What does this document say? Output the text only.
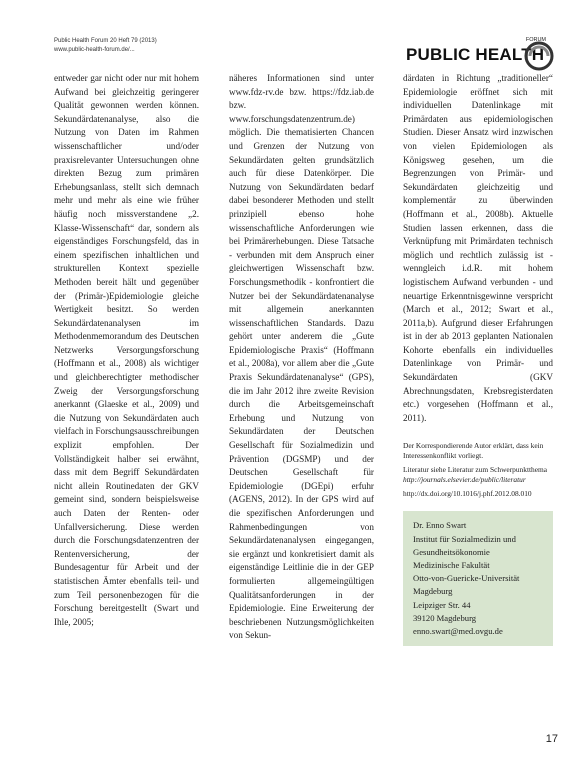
Public Health Forum 20 Heft 79 (2013)
www.public-health-forum.de/...
FORUM
PUBLIC HEALTH

entweder gar nicht oder nur mit hohem Aufwand bei gleichzeitig geringerer Qualität gewonnen werden können. Sekundärdatenanalyse, also die Nutzung von Daten im Rahmen wissenschaftlicher und/oder praxisrelevanter Untersuchungen ohne direkten Bezug zum primären Erhebungsanlass, stellt sich demnach mehr und mehr als eine wie früher häufig noch missverstandene „2. Klasse-Wissenschaft“ dar, sondern als eigenständiges Forschungsfeld, das in einem spezifischen inhaltlichen und strukturellen Kontext spezielle Methoden bereit hält und gegenüber der (Primär-)Epidemiologie gleiche Wertigkeit besitzt. So werden Sekundärdatenanalysen im Methodenmemorandum des Deutschen Netzwerks Versorgungsforschung (Hoffmann et al., 2008) als wichtiger und gleichberechtigter methodischer Zweig der Versorgungsforschung anerkannt (Glaeske et al., 2009) und die Nutzung von Sekundärdaten auch vielfach in Forschungsausschreibungen explizit empfohlen. Der Vollständigkeit halber sei erwähnt, dass mit dem Begriff Sekundärdaten nicht allein Routinedaten der GKV gemeint sind, sondern beispielsweise auch Daten der Renten- oder Unfallversicherung. Diese werden durch die Forschungsdatenzentren der Rentenversicherung, der Bundesagentur für Arbeit und der statistischen Ämter ebenfalls teil- und zum Teil personenbezogen für die Forschung bereitgestellt (Swart und Ihle, 2005;

näheres Informationen sind unter www.fdz-rv.de bzw. https://fdz.iab.de bzw. www.forschungsdatenzentrum.de) möglich. Die thematisierten Chancen und Grenzen der Nutzung von Sekundärdaten gelten grundsätzlich auch für diese Datenkörper. Die Nutzung von Sekundärdaten bedarf dabei besonderer Methoden und stellt prinzipiell ebenso hohe wissenschaftliche Anforderungen wie bei Primärerhebungen. Diese Tatsache - verbunden mit dem Anspruch einer gleichwertigen Wissenschaft bzw. Forschungsmethodik - konfrontiert die Nutzer bei der Sekundärdatenanalyse mit allgemein anerkannten wissenschaftlichen Standards. Dazu gehört unter anderem die „Gute Epidemiologische Praxis“ (Hoffmann et al., 2008a), vor allem aber die „Gute Praxis Sekundärdatenanalyse“ (GPS), die im Jahr 2012 ihre zweite Revision durch die Arbeitsgemeinschaft Erhebung und Nutzung von Sekundärdaten der Deutschen Gesellschaft für Sozialmedizin und Prävention (DGSMP) und der Deutschen Gesellschaft für Epidemiologie (DGEpi) erfuhr (AGENS, 2012). In der GPS wird auf die spezifischen Anforderungen und Rahmenbedingungen von Sekundärdatenanalysen eingegangen, sie ergänzt und konkretisiert damit als eigenständige Leitlinie die in der GEP formulierten allgemeingültigen Qualitätsanforderungen in der Epidemiologie. Eine Erweiterung der beschriebenen Nutzungsmöglichkeiten von Sekun-

därdaten in Richtung „traditioneller“ Epidemiologie eröffnet sich mit individuellen Datenlinkage mit Primärdaten aus epidemiologischen Studien. Dieser Ansatz wird inzwischen von vielen Epidemiologen als Königsweg gesehen, um die Begrenzungen von Primär- und Sekundärdaten gleichzeitig und komplementär zu überwinden (Hoffmann et al., 2008b). Aktuelle Studien lassen erkennen, dass die Verknüpfung mit Primärdaten technisch möglich und rechtlich zulässig ist - wenngleich i.d.R. mit hohem logistischem Aufwand verbunden - und neuartige Erkenntnisgewinne verspricht (March et al., 2012; Swart et al., 2011a,b). Aufgrund dieser Erfahrungen ist in der ab 2013 geplanten Nationalen Kohorte ebenfalls ein individuelles Datenlinkage von Primär- und Sekundärdaten (GKV Abrechnungsdaten, Krebsregisterdaten etc.) vorgesehen (Hoffmann et al., 2011).

Der Korrespondierende Autor erklärt, dass kein Interessenkonflikt vorliegt.

Literatur siehe Literatur zum Schwerpunktthema

http://journals.elsevier.de/public/literatur

http://dx.doi.org/10.1016/j.phf.2012.08.010

Dr. Enno Swart
Institut für Sozialmedizin und
Gesundheitsökonomie
Medizinische Fakultät
Otto-von-Guericke-Universität
Magdeburg
Leipziger Str. 44
39120 Magdeburg
enno.swart@med.ovgu.de
17
